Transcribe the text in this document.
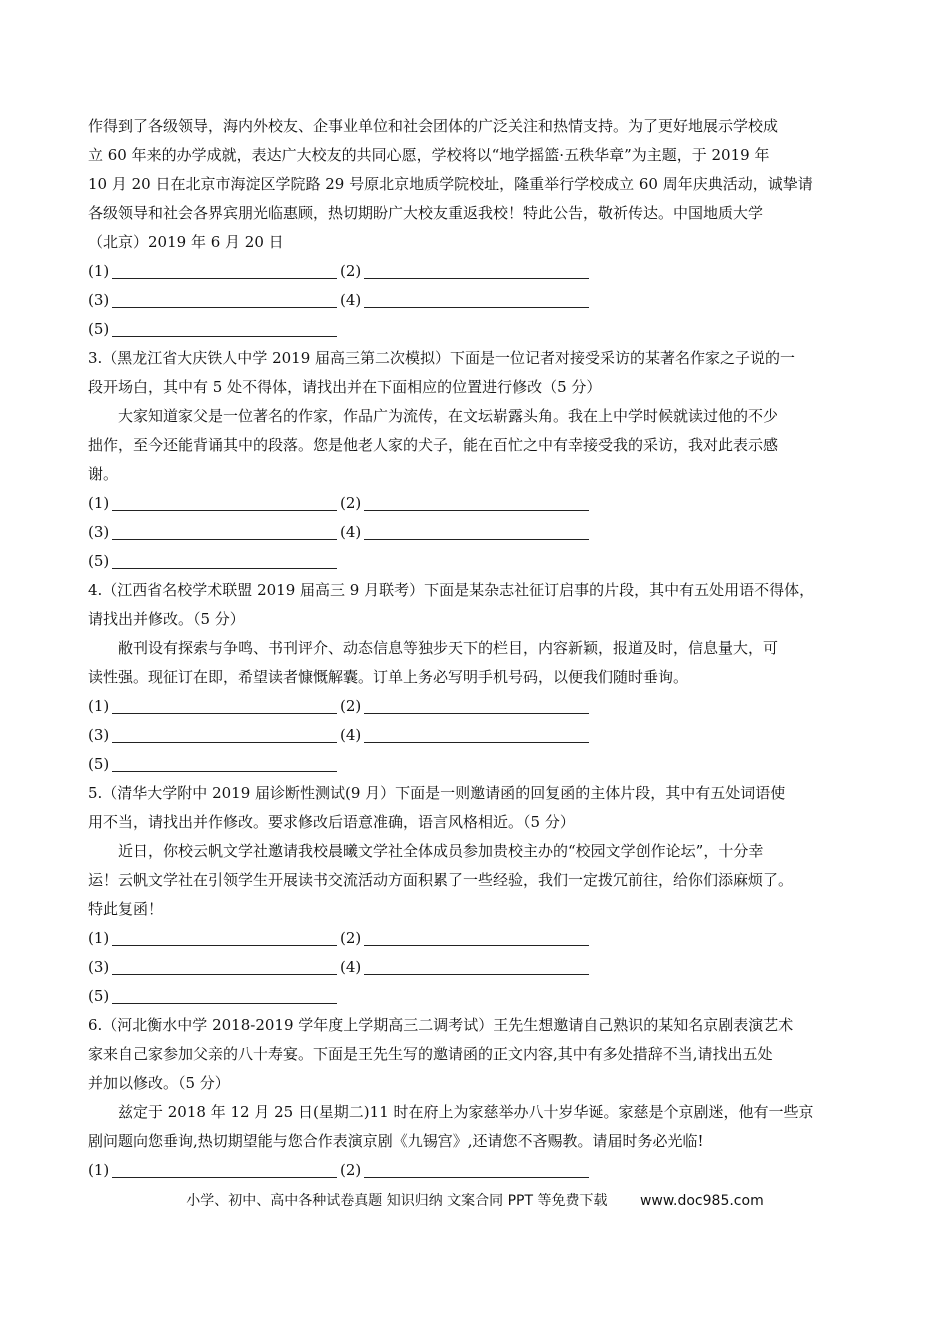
作得到了各级领导，海内外校友、企事业单位和社会团体的广泛关注和热情支持。为了更好地展示学校成
立 60 年来的办学成就，表达广大校友的共同心愿，学校将以“地学摇篮·五秩华章”为主题，于 2019 年
10 月 20 日在北京市海淀区学院路 29 号原北京地质学院校址，隆重举行学校成立 60 周年庆典活动，诚挚请
各级领导和社会各界宾朋光临惠顾，热切期盼广大校友重返我校！特此公告，敬祈传达。中国地质大学
（北京）2019 年 6 月 20 日
(1)	(2)
(3)	(4)
(5)
3.（黑龙江省大庆铁人中学 2019 届高三第二次模拟）下面是一位记者对接受采访的某著名作家之子说的一
段开场白，其中有 5 处不得体，请找出并在下面相应的位置进行修改（5 分）
大家知道家父是一位著名的作家，作品广为流传，在文坛崭露头角。我在上中学时候就读过他的不少
拙作，至今还能背诵其中的段落。您是他老人家的犬子，能在百忙之中有幸接受我的采访，我对此表示感
谢。
(1)	(2)
(3)	(4)
(5)
4.（江西省名校学术联盟 2019 届高三 9 月联考）下面是某杂志社征订启事的片段，其中有五处用语不得体，
请找出并修改。（5 分）
敝刊设有探索与争鸣、书刊评介、动态信息等独步天下的栏目，内容新颖，报道及时，信息量大，可
读性强。现征订在即，希望读者慷慨解囊。订单上务必写明手机号码，以便我们随时垂询。
(1)	(2)
(3)	(4)
(5)
5.（清华大学附中 2019 届诊断性测试(9 月）下面是一则邀请函的回复函的主体片段，其中有五处词语使
用不当，请找出并作修改。要求修改后语意准确，语言风格相近。（5 分）
近日，你校云帆文学社邀请我校晨曦文学社全体成员参加贵校主办的“校园文学创作论坛”，十分幸
运！云帆文学社在引领学生开展读书交流活动方面积累了一些经验，我们一定拨冗前往，给你们添麻烦了。
特此复函！
(1)	(2)
(3)	(4)
(5)
6.（河北衡水中学 2018-2019 学年度上学期高三二调考试）王先生想邀请自己熟识的某知名京剧表演艺术
家来自己家参加父亲的八十寿宴。下面是王先生写的邀请函的正文内容,其中有多处措辞不当,请找出五处
并加以修改。（5 分）
兹定于 2018 年 12 月 25 日(星期二)11 时在府上为家慈举办八十岁华诞。家慈是个京剧迷，他有一些京
剧问题向您垂询,热切期望能与您合作表演京剧《九锡宫》,还请您不吝赐教。请届时务必光临!
(1)	(2)
小学、初中、高中各种试卷真题 知识归纳 文案合同 PPT 等免费下载 www.doc985.com
